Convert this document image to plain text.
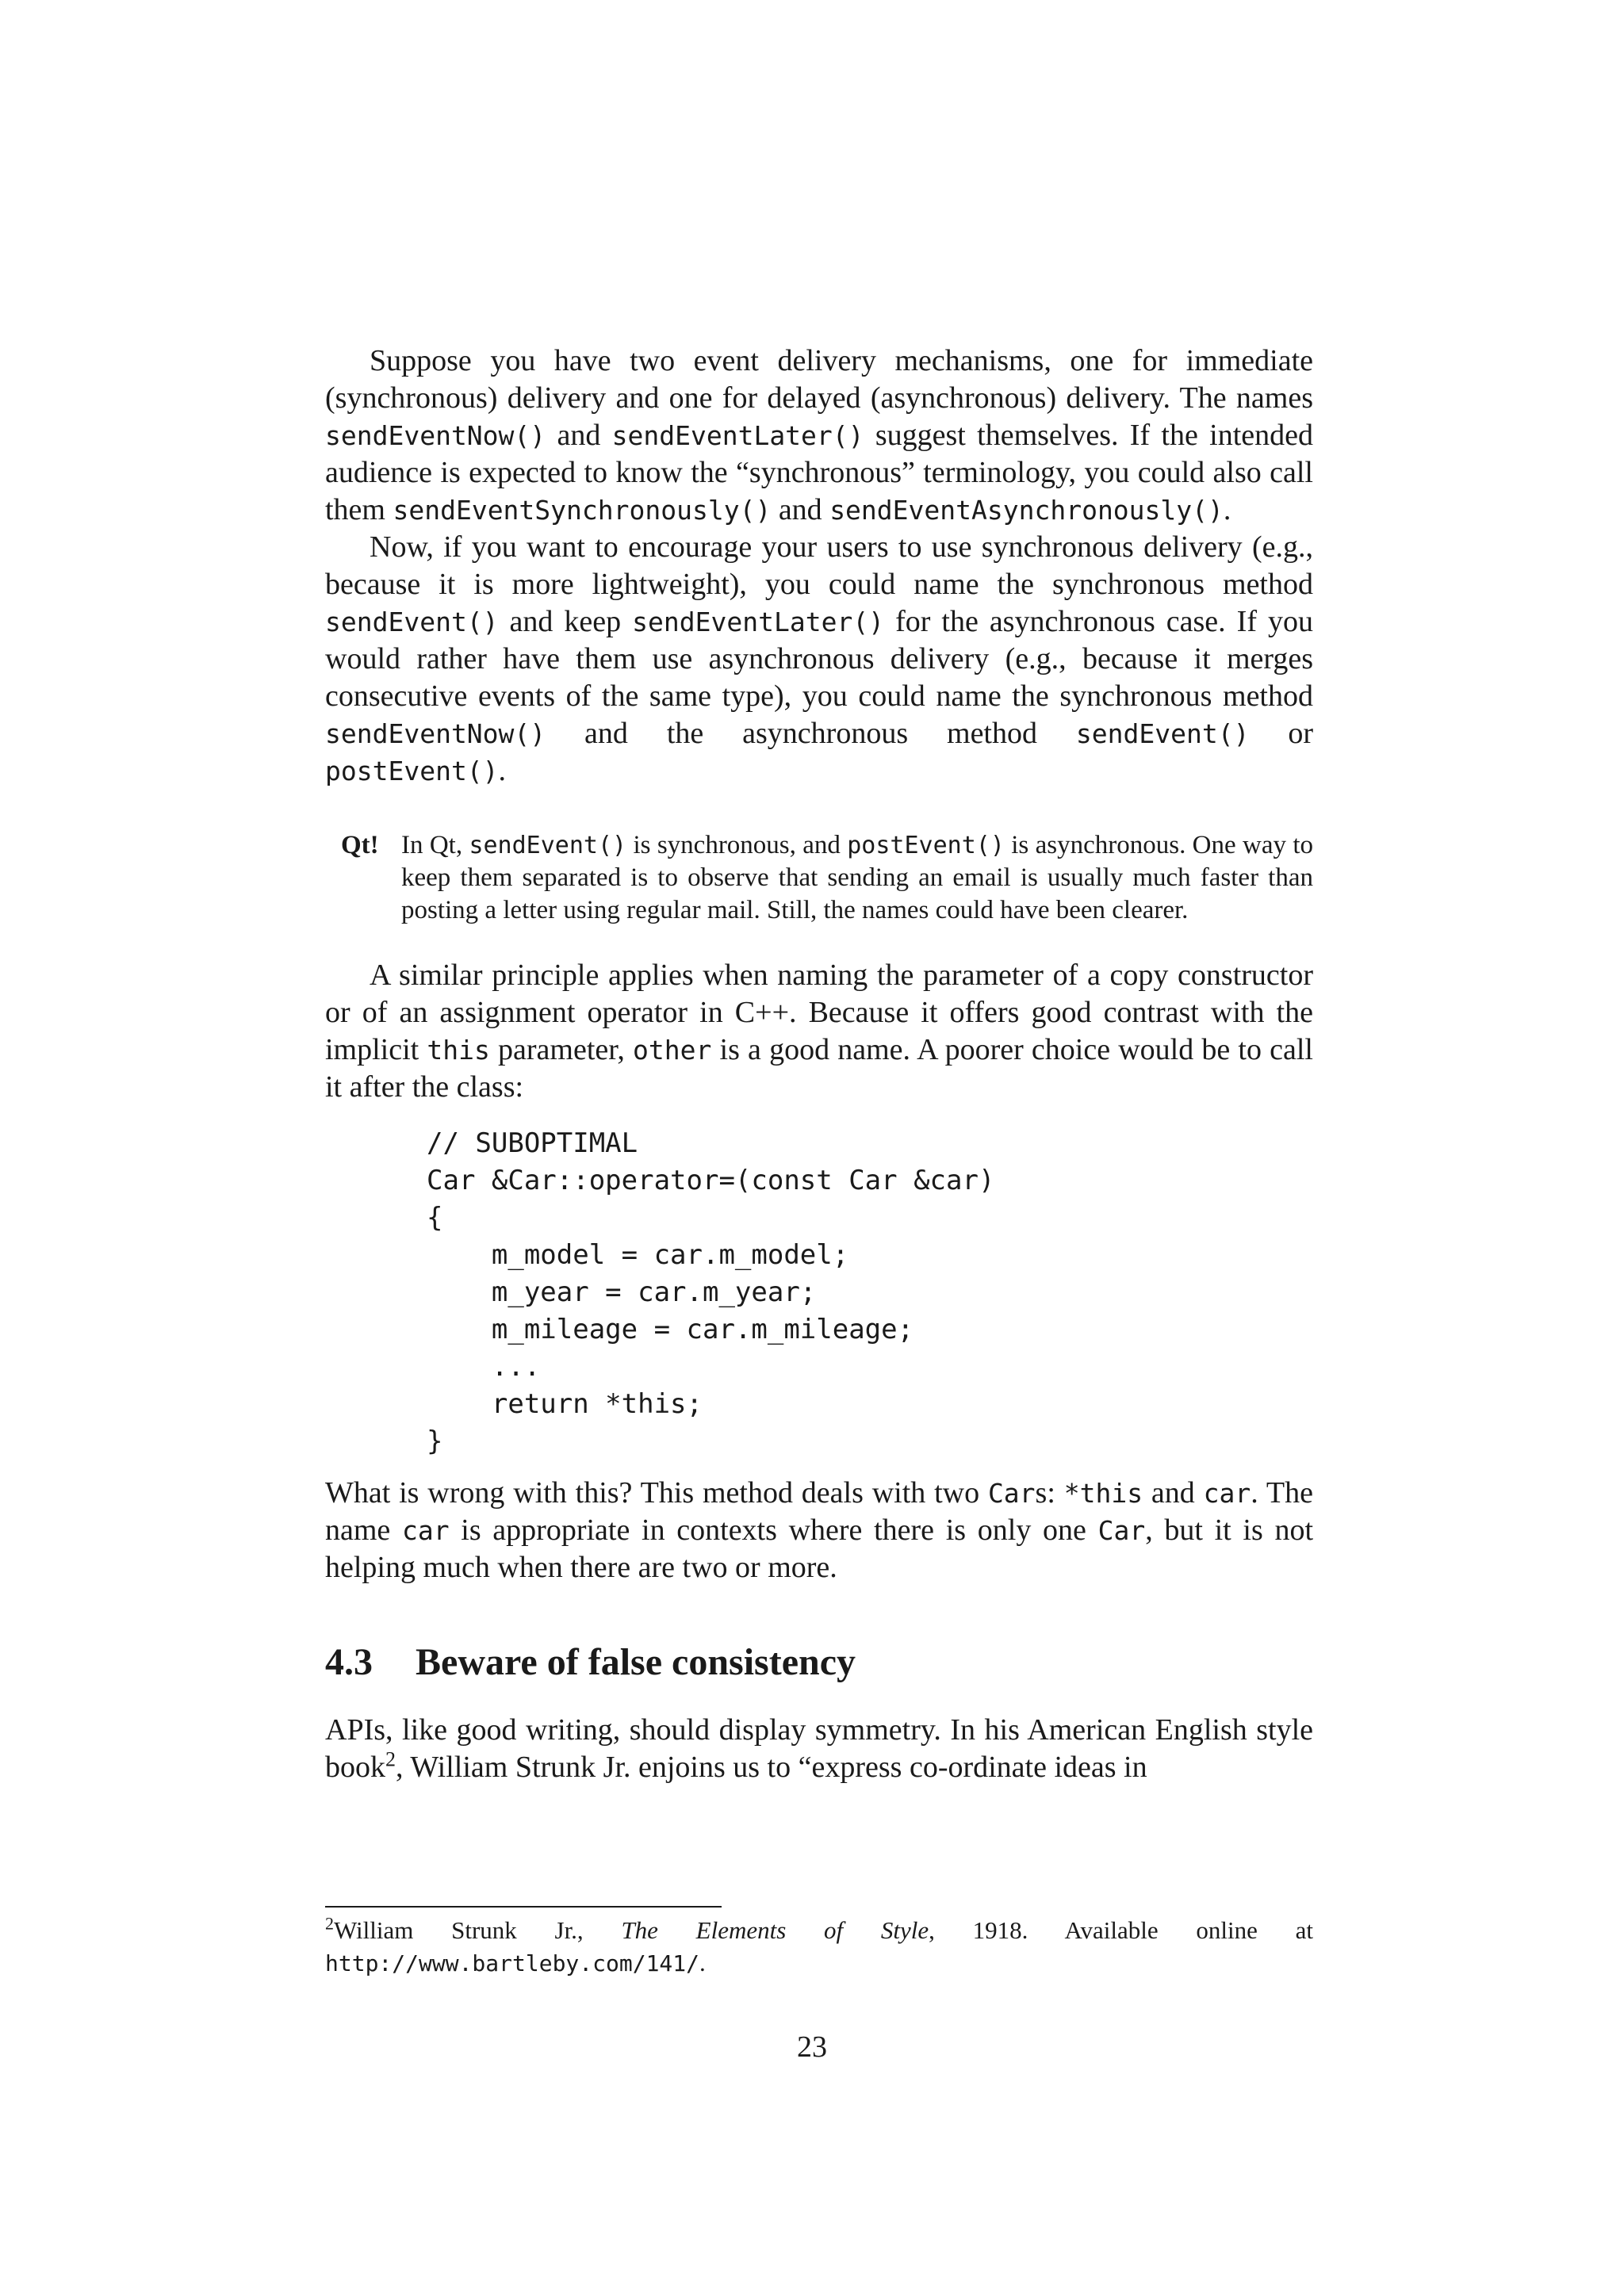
Suppose you have two event delivery mechanisms, one for immediate (synchronous) delivery and one for delayed (asynchronous) delivery. The names sendEventNow() and sendEventLater() suggest themselves. If the intended audience is expected to know the “synchronous” terminology, you could also call them sendEventSynchronously() and sendEventAsynchronously().

Now, if you want to encourage your users to use synchronous delivery (e.g., because it is more lightweight), you could name the synchronous method sendEvent() and keep sendEventLater() for the asynchronous case. If you would rather have them use asynchronous delivery (e.g., because it merges consecutive events of the same type), you could name the synchronous method sendEventNow() and the asynchronous method sendEvent() or postEvent().

Qt! In Qt, sendEvent() is synchronous, and postEvent() is asynchronous. One way to keep them separated is to observe that sending an email is usually much faster than posting a letter using regular mail. Still, the names could have been clearer.

A similar principle applies when naming the parameter of a copy constructor or of an assignment operator in C++. Because it offers good contrast with the implicit this parameter, other is a good name. A poorer choice would be to call it after the class:

// SUBOPTIMAL
Car &Car::operator=(const Car &car)
{
m_model = car.m_model;
m_year = car.m_year;
m_mileage = car.m_mileage;
...
return *this;
}

What is wrong with this? This method deals with two Cars: *this and car. The name car is appropriate in contexts where there is only one Car, but it is not helping much when there are two or more.

4.3 Beware of false consistency

APIs, like good writing, should display symmetry. In his American English style book$^2$, William Strunk Jr. enjoins us to “express co-ordinate ideas in

$^2$William Strunk Jr., The Elements of Style, 1918. Available online at http://www.bartleby.com/141/.
23
